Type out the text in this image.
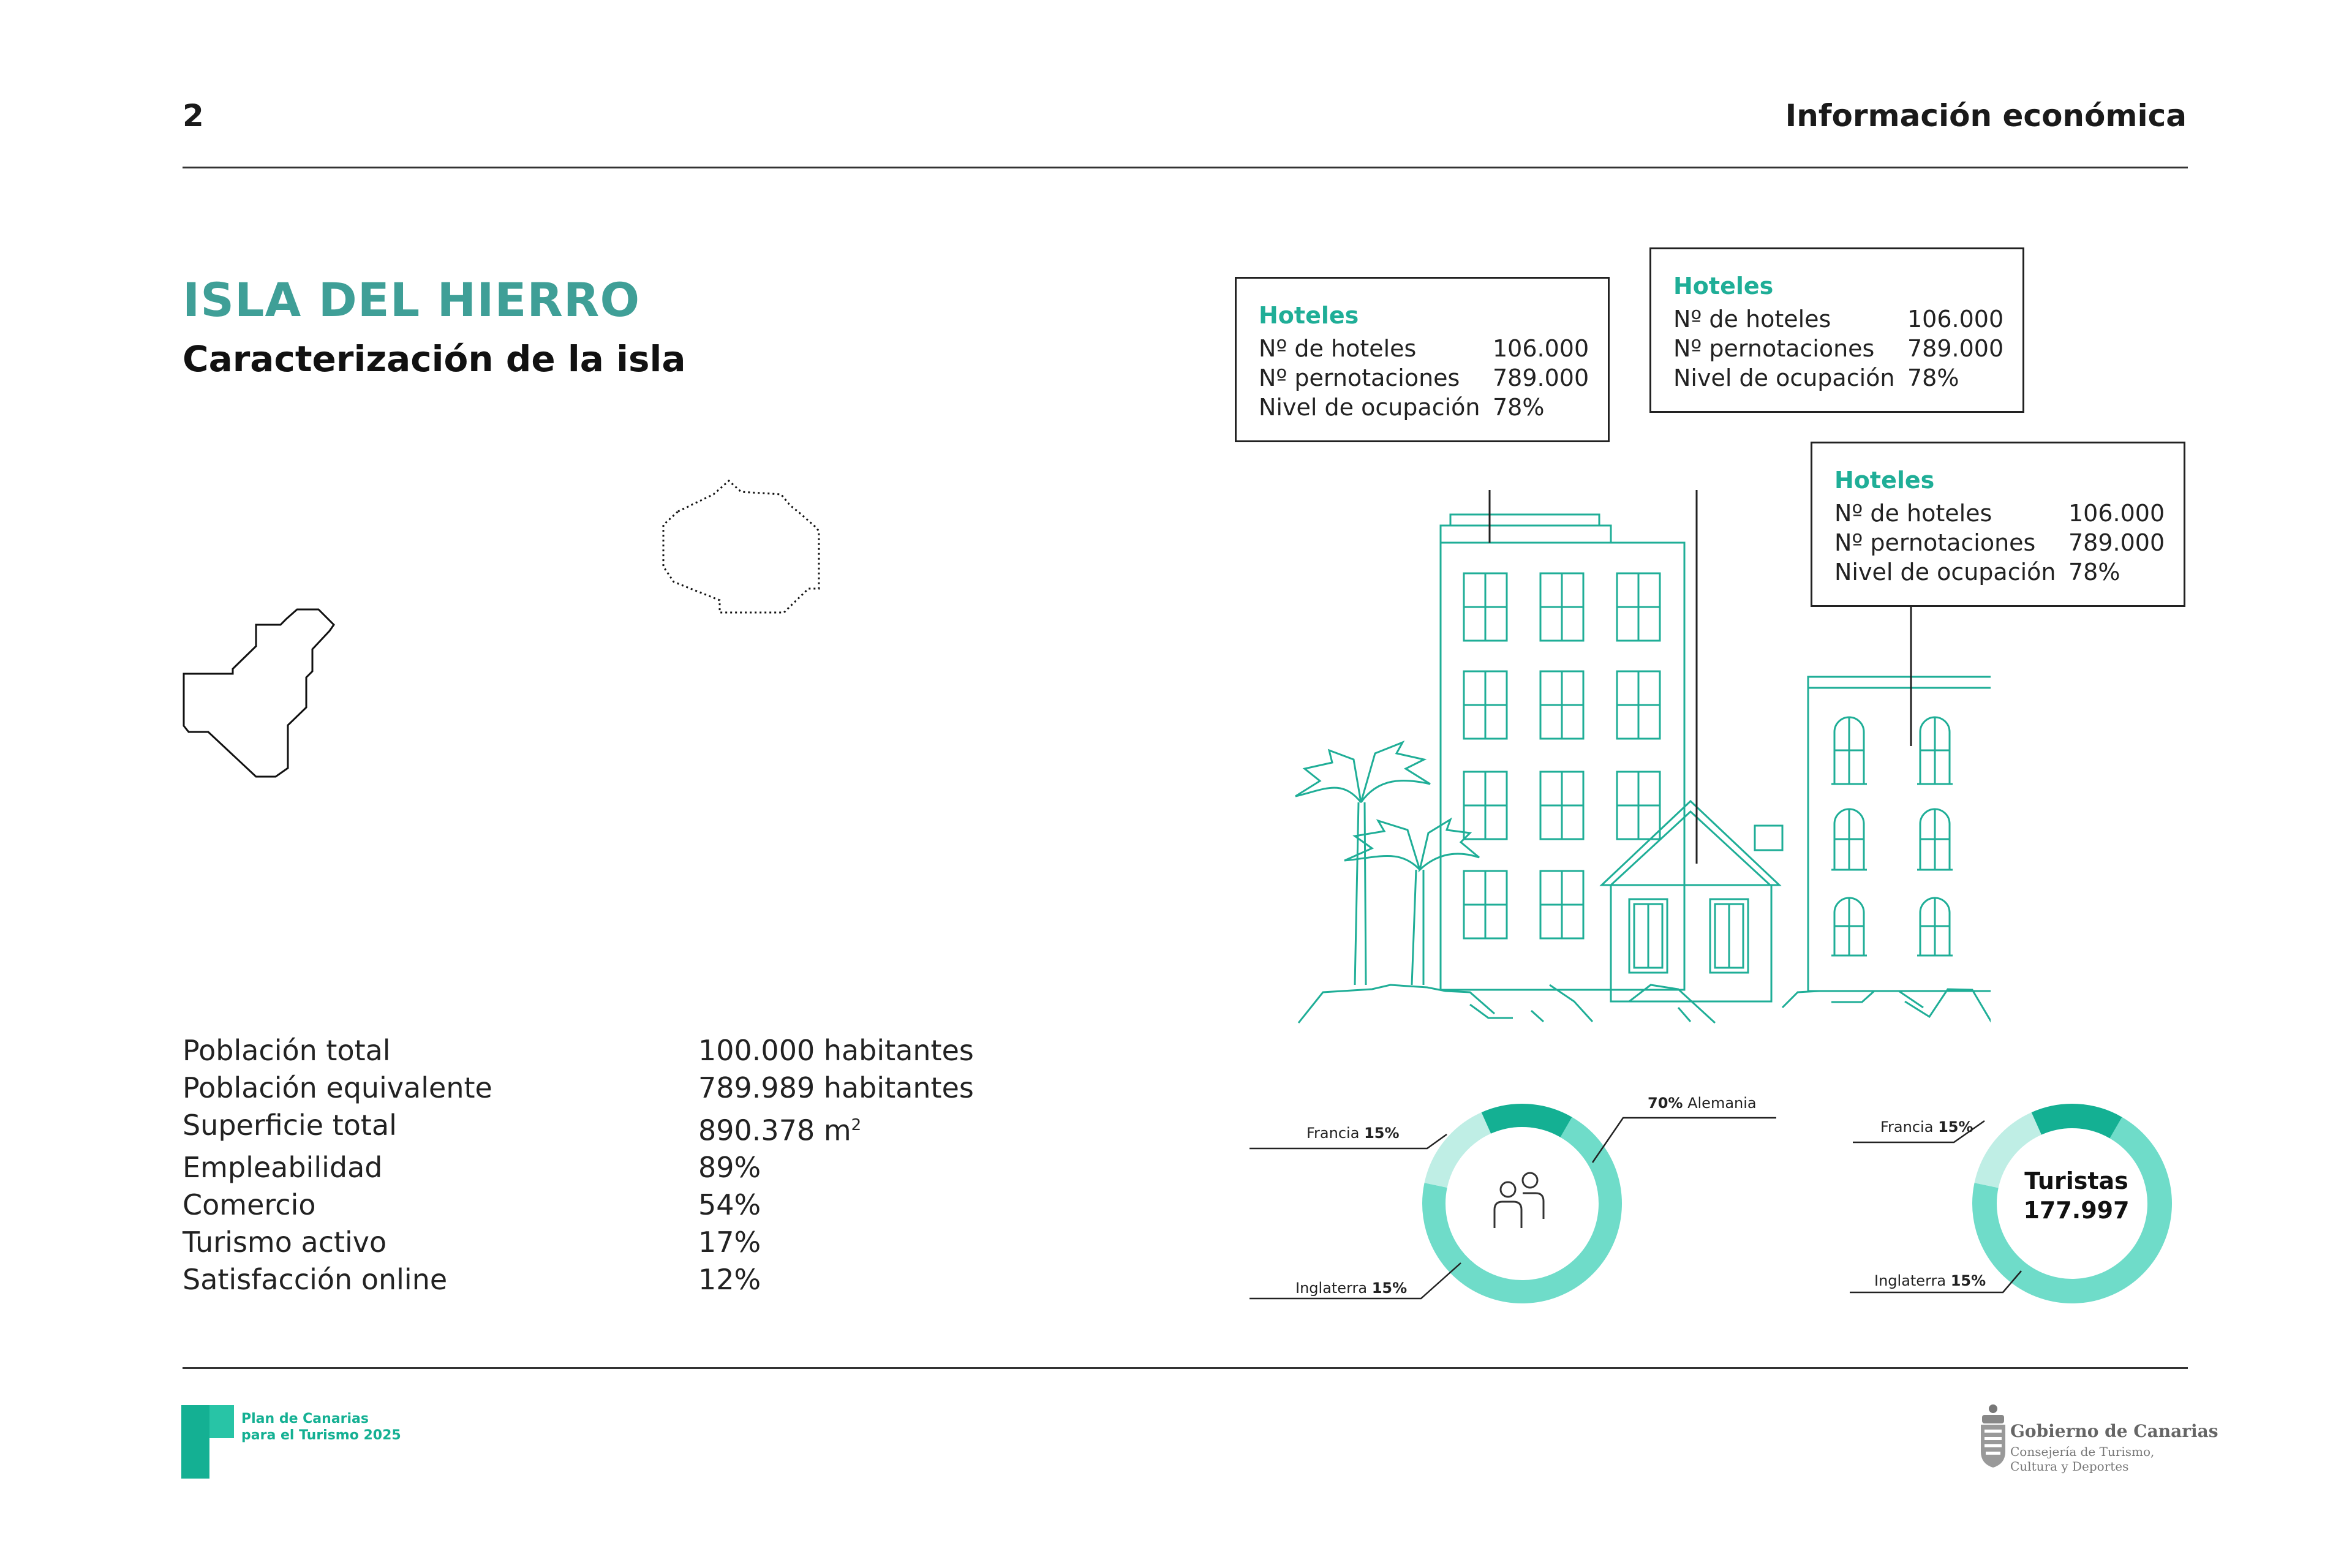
2	Información económica
ISLA DEL HIERRO
Caracterización de la isla
Población total	100.000 habitantes
Población equivalente	789.989 habitantes
Superficie total	890.378 $m^2$
Empleabilidad	89%
Comercio	54%
Turismo activo	17%
Satisfacción online	12%
Hoteles
Nº de hoteles	106.000
Nº pernotaciones	789.000
Nivel de ocupación 78%
Hoteles
Nº de hoteles	106.000
Nº pernotaciones	789.000
Nivel de ocupación 78%
Hoteles
Nº de hoteles	106.000
Nº pernotaciones	789.000
Nivel de ocupación 78%
Francia 15%
Inglaterra 15%
70% Alemania
Francia 15%
Inglaterra 15%
Turistas
177.997
Plan de Canarias
para el Turismo 2025	Gobierno de Canarias
Consejería de Turismo,
Cultura y Deportes
